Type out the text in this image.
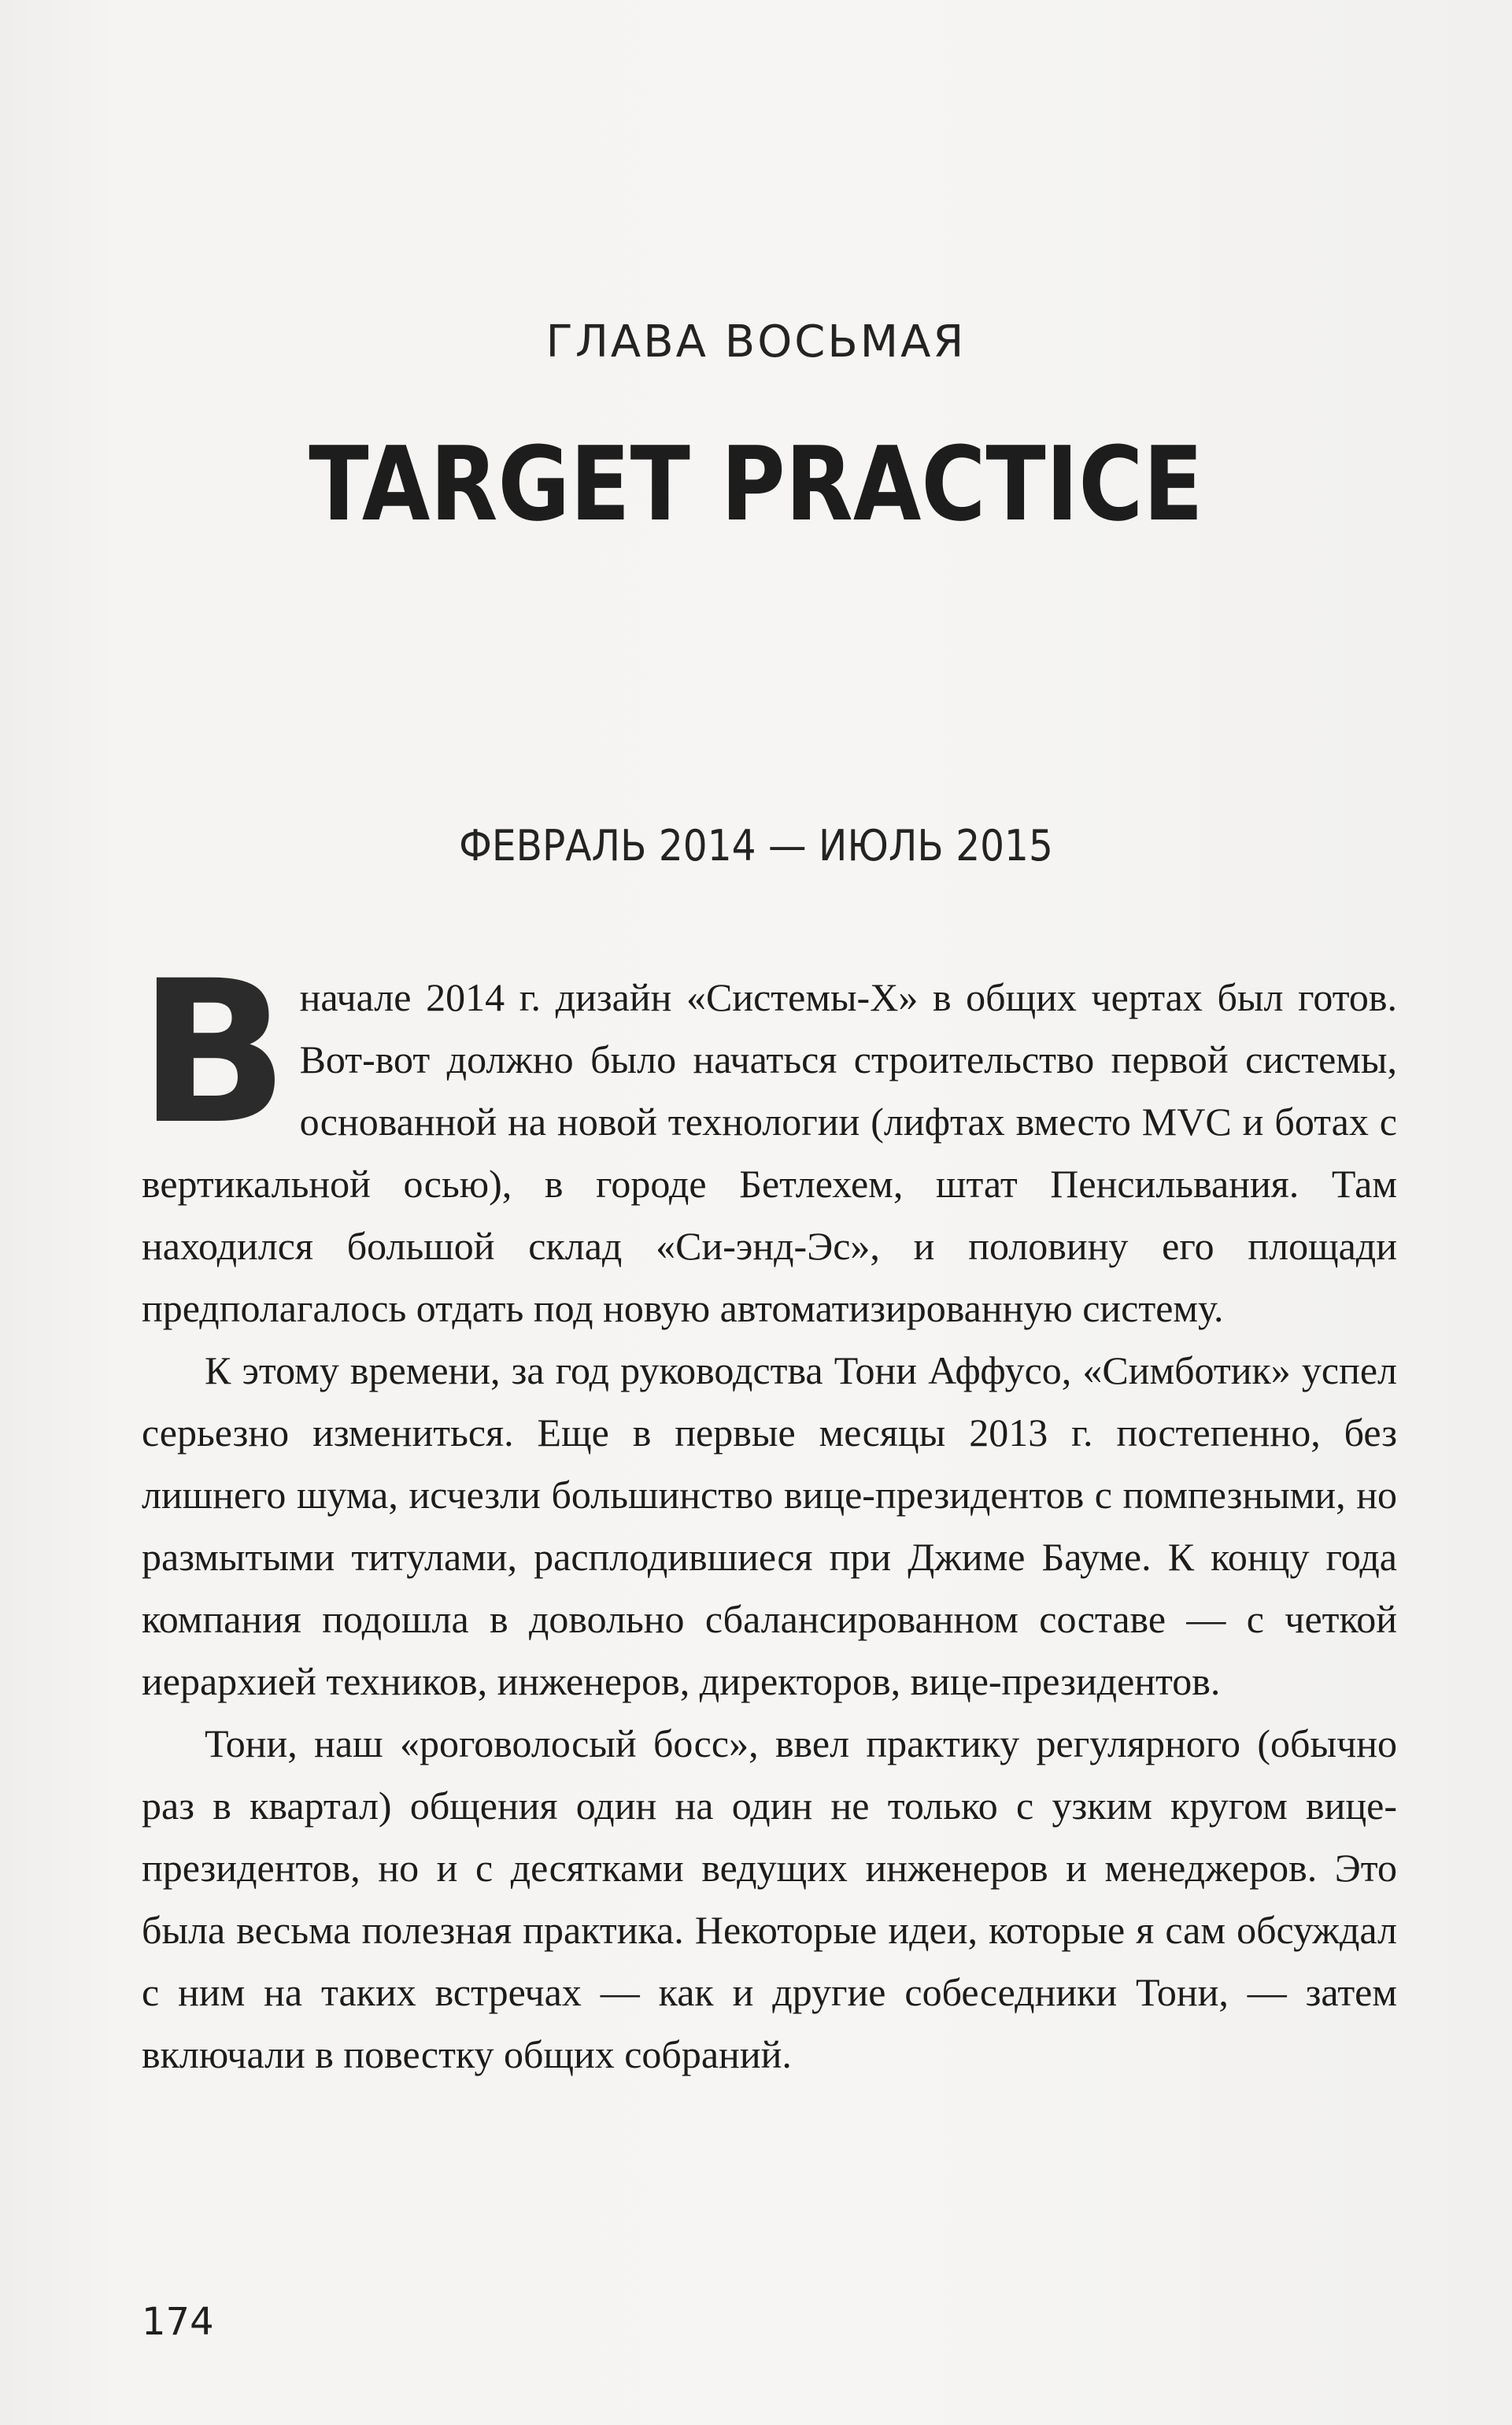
ГЛАВА ВОСЬМАЯ
TARGET PRACTICE
ФЕВРАЛЬ 2014 — ИЮЛЬ 2015

В начале 2014 г. дизайн «Системы-Х» в общих чертах был готов. Вот-вот должно было начаться строительство первой системы, основанной на новой технологии (лифтах вместо MVC и ботах с вертикальной осью), в городе Бетлехем, штат Пенсильвания. Там находился большой склад «Си-энд-Эс», и половину его площади предполагалось отдать под новую автоматизированную систему.

К этому времени, за год руководства Тони Аффусо, «Симботик» успел серьезно измениться. Еще в первые месяцы 2013 г. постепенно, без лишнего шума, исчезли большинство вице-президентов с помпезными, но размытыми титулами, расплодившиеся при Джиме Бауме. К концу года компания подошла в довольно сбалансированном составе — с четкой иерархией техников, инженеров, директоров, вице-президентов.

Тони, наш «роговолосый босс», ввел практику регулярного (обычно раз в квартал) общения один на один не только с узким кругом вице-президентов, но и с десятками ведущих инженеров и менеджеров. Это была весьма полезная практика. Некоторые идеи, которые я сам обсуждал с ним на таких встречах — как и другие собеседники Тони, — затем включали в повестку общих собраний.

174
